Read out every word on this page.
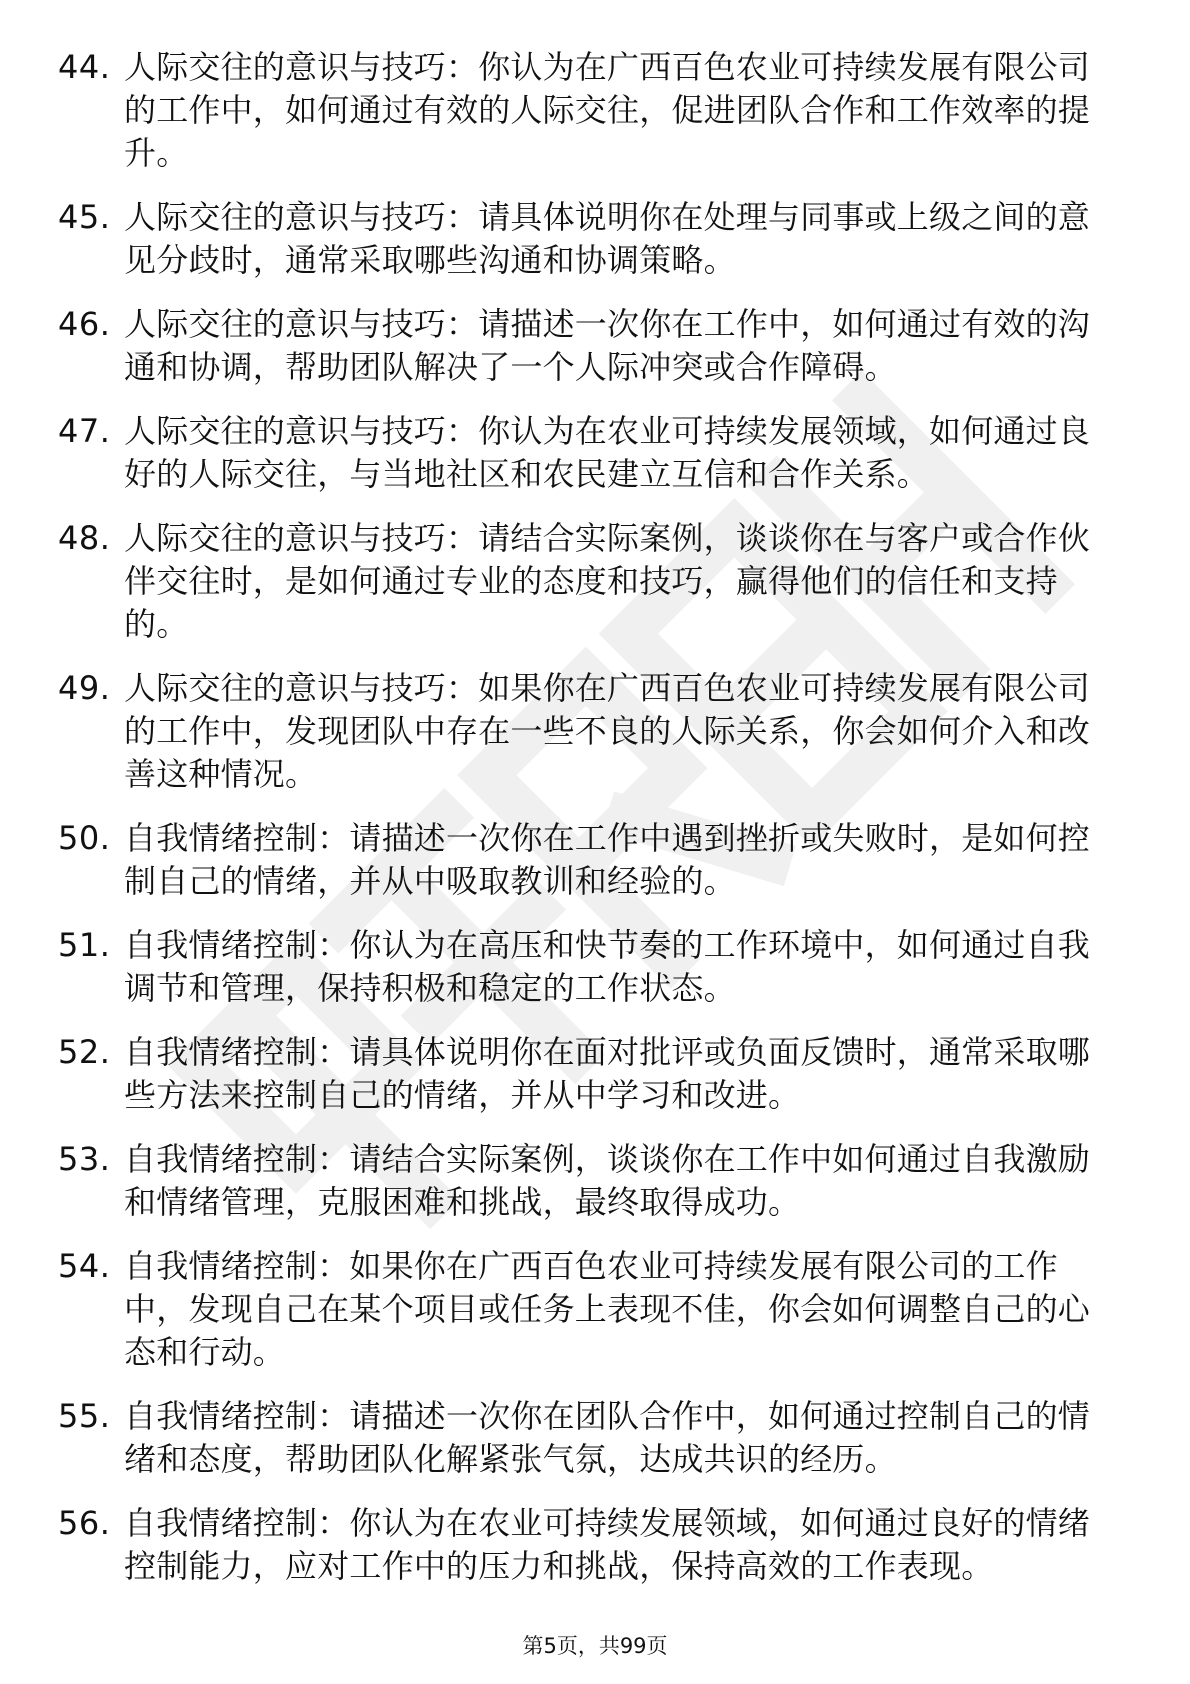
44. 人际交往的意识与技巧：你认为在广西百色农业可持续发展有限公司的工作中，如何通过有效的人际交往，促进团队合作和工作效率的提升。
45. 人际交往的意识与技巧：请具体说明你在处理与同事或上级之间的意见分歧时，通常采取哪些沟通和协调策略。
46. 人际交往的意识与技巧：请描述一次你在工作中，如何通过有效的沟通和协调，帮助团队解决了一个人际冲突或合作障碍。
47. 人际交往的意识与技巧：你认为在农业可持续发展领域，如何通过良好的人际交往，与当地社区和农民建立互信和合作关系。
48. 人际交往的意识与技巧：请结合实际案例，谈谈你在与客户或合作伙伴交往时，是如何通过专业的态度和技巧，赢得他们的信任和支持的。
49. 人际交往的意识与技巧：如果你在广西百色农业可持续发展有限公司的工作中，发现团队中存在一些不良的人际关系，你会如何介入和改善这种情况。
50. 自我情绪控制：请描述一次你在工作中遇到挫折或失败时，是如何控制自己的情绪，并从中吸取教训和经验的。
51. 自我情绪控制：你认为在高压和快节奏的工作环境中，如何通过自我调节和管理，保持积极和稳定的工作状态。
52. 自我情绪控制：请具体说明你在面对批评或负面反馈时，通常采取哪些方法来控制自己的情绪，并从中学习和改进。
53. 自我情绪控制：请结合实际案例，谈谈你在工作中如何通过自我激励和情绪管理，克服困难和挑战，最终取得成功。
54. 自我情绪控制：如果你在广西百色农业可持续发展有限公司的工作中，发现自己在某个项目或任务上表现不佳，你会如何调整自己的心态和行动。
55. 自我情绪控制：请描述一次你在团队合作中，如何通过控制自己的情绪和态度，帮助团队化解紧张气氛，达成共识的经历。
56. 自我情绪控制：你认为在农业可持续发展领域，如何通过良好的情绪控制能力，应对工作中的压力和挑战，保持高效的工作表现。
第5页，共99页
